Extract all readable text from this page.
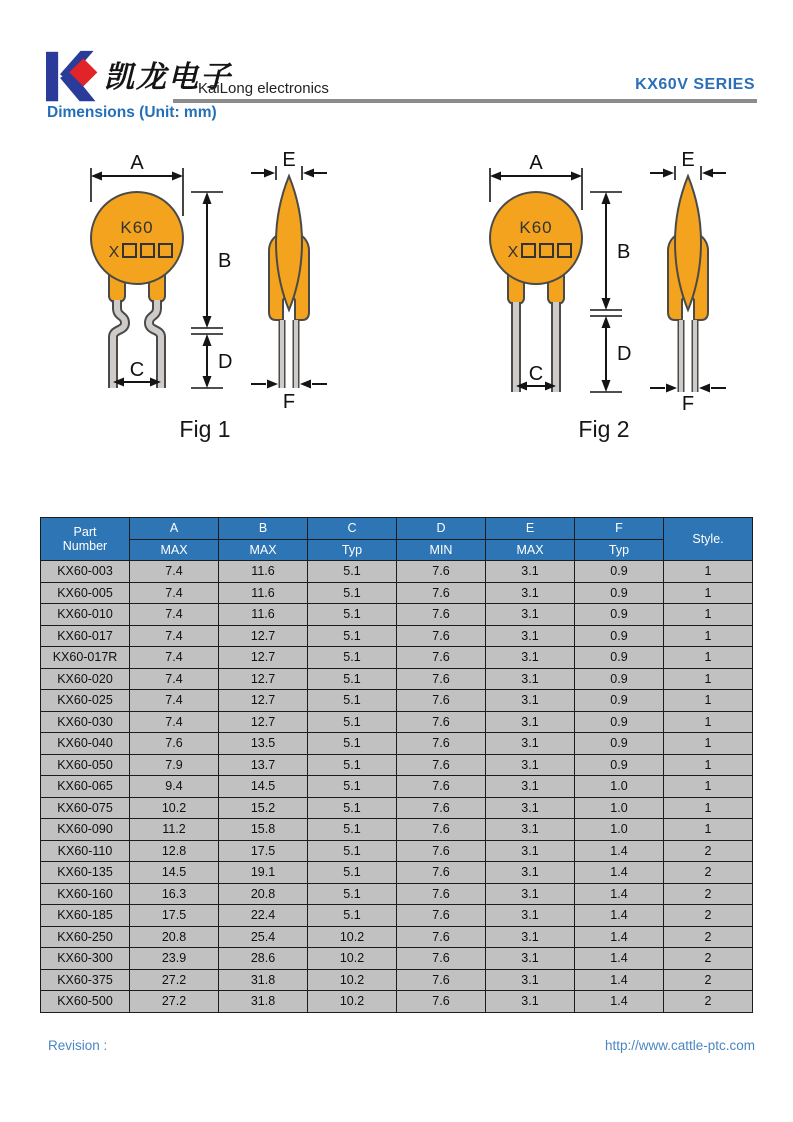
凯龙电子
KaiLong electronics	KX60V SERIES
Dimensions (Unit: mm)
A
K60
X	B
D
C
E
F
Fig 1
A
K60
X	B
D
C
E
F
Fig 2
Part
Number	A	B	C	D	E	F	Style.
	MAX	MAX	Typ	MIN	MAX	Typ	
KX60-003	7.4	11.6	5.1	7.6	3.1	0.9	1
KX60-005	7.4	11.6	5.1	7.6	3.1	0.9	1
KX60-010	7.4	11.6	5.1	7.6	3.1	0.9	1
KX60-017	7.4	12.7	5.1	7.6	3.1	0.9	1
KX60-017R	7.4	12.7	5.1	7.6	3.1	0.9	1
KX60-020	7.4	12.7	5.1	7.6	3.1	0.9	1
KX60-025	7.4	12.7	5.1	7.6	3.1	0.9	1
KX60-030	7.4	12.7	5.1	7.6	3.1	0.9	1
KX60-040	7.6	13.5	5.1	7.6	3.1	0.9	1
KX60-050	7.9	13.7	5.1	7.6	3.1	0.9	1
KX60-065	9.4	14.5	5.1	7.6	3.1	1.0	1
KX60-075	10.2	15.2	5.1	7.6	3.1	1.0	1
KX60-090	11.2	15.8	5.1	7.6	3.1	1.0	1
KX60-110	12.8	17.5	5.1	7.6	3.1	1.4	2
KX60-135	14.5	19.1	5.1	7.6	3.1	1.4	2
KX60-160	16.3	20.8	5.1	7.6	3.1	1.4	2
KX60-185	17.5	22.4	5.1	7.6	3.1	1.4	2
KX60-250	20.8	25.4	10.2	7.6	3.1	1.4	2
KX60-300	23.9	28.6	10.2	7.6	3.1	1.4	2
KX60-375	27.2	31.8	10.2	7.6	3.1	1.4	2
KX60-500	27.2	31.8	10.2	7.6	3.1	1.4	2
Revision :	http://www.cattle-ptc.com
